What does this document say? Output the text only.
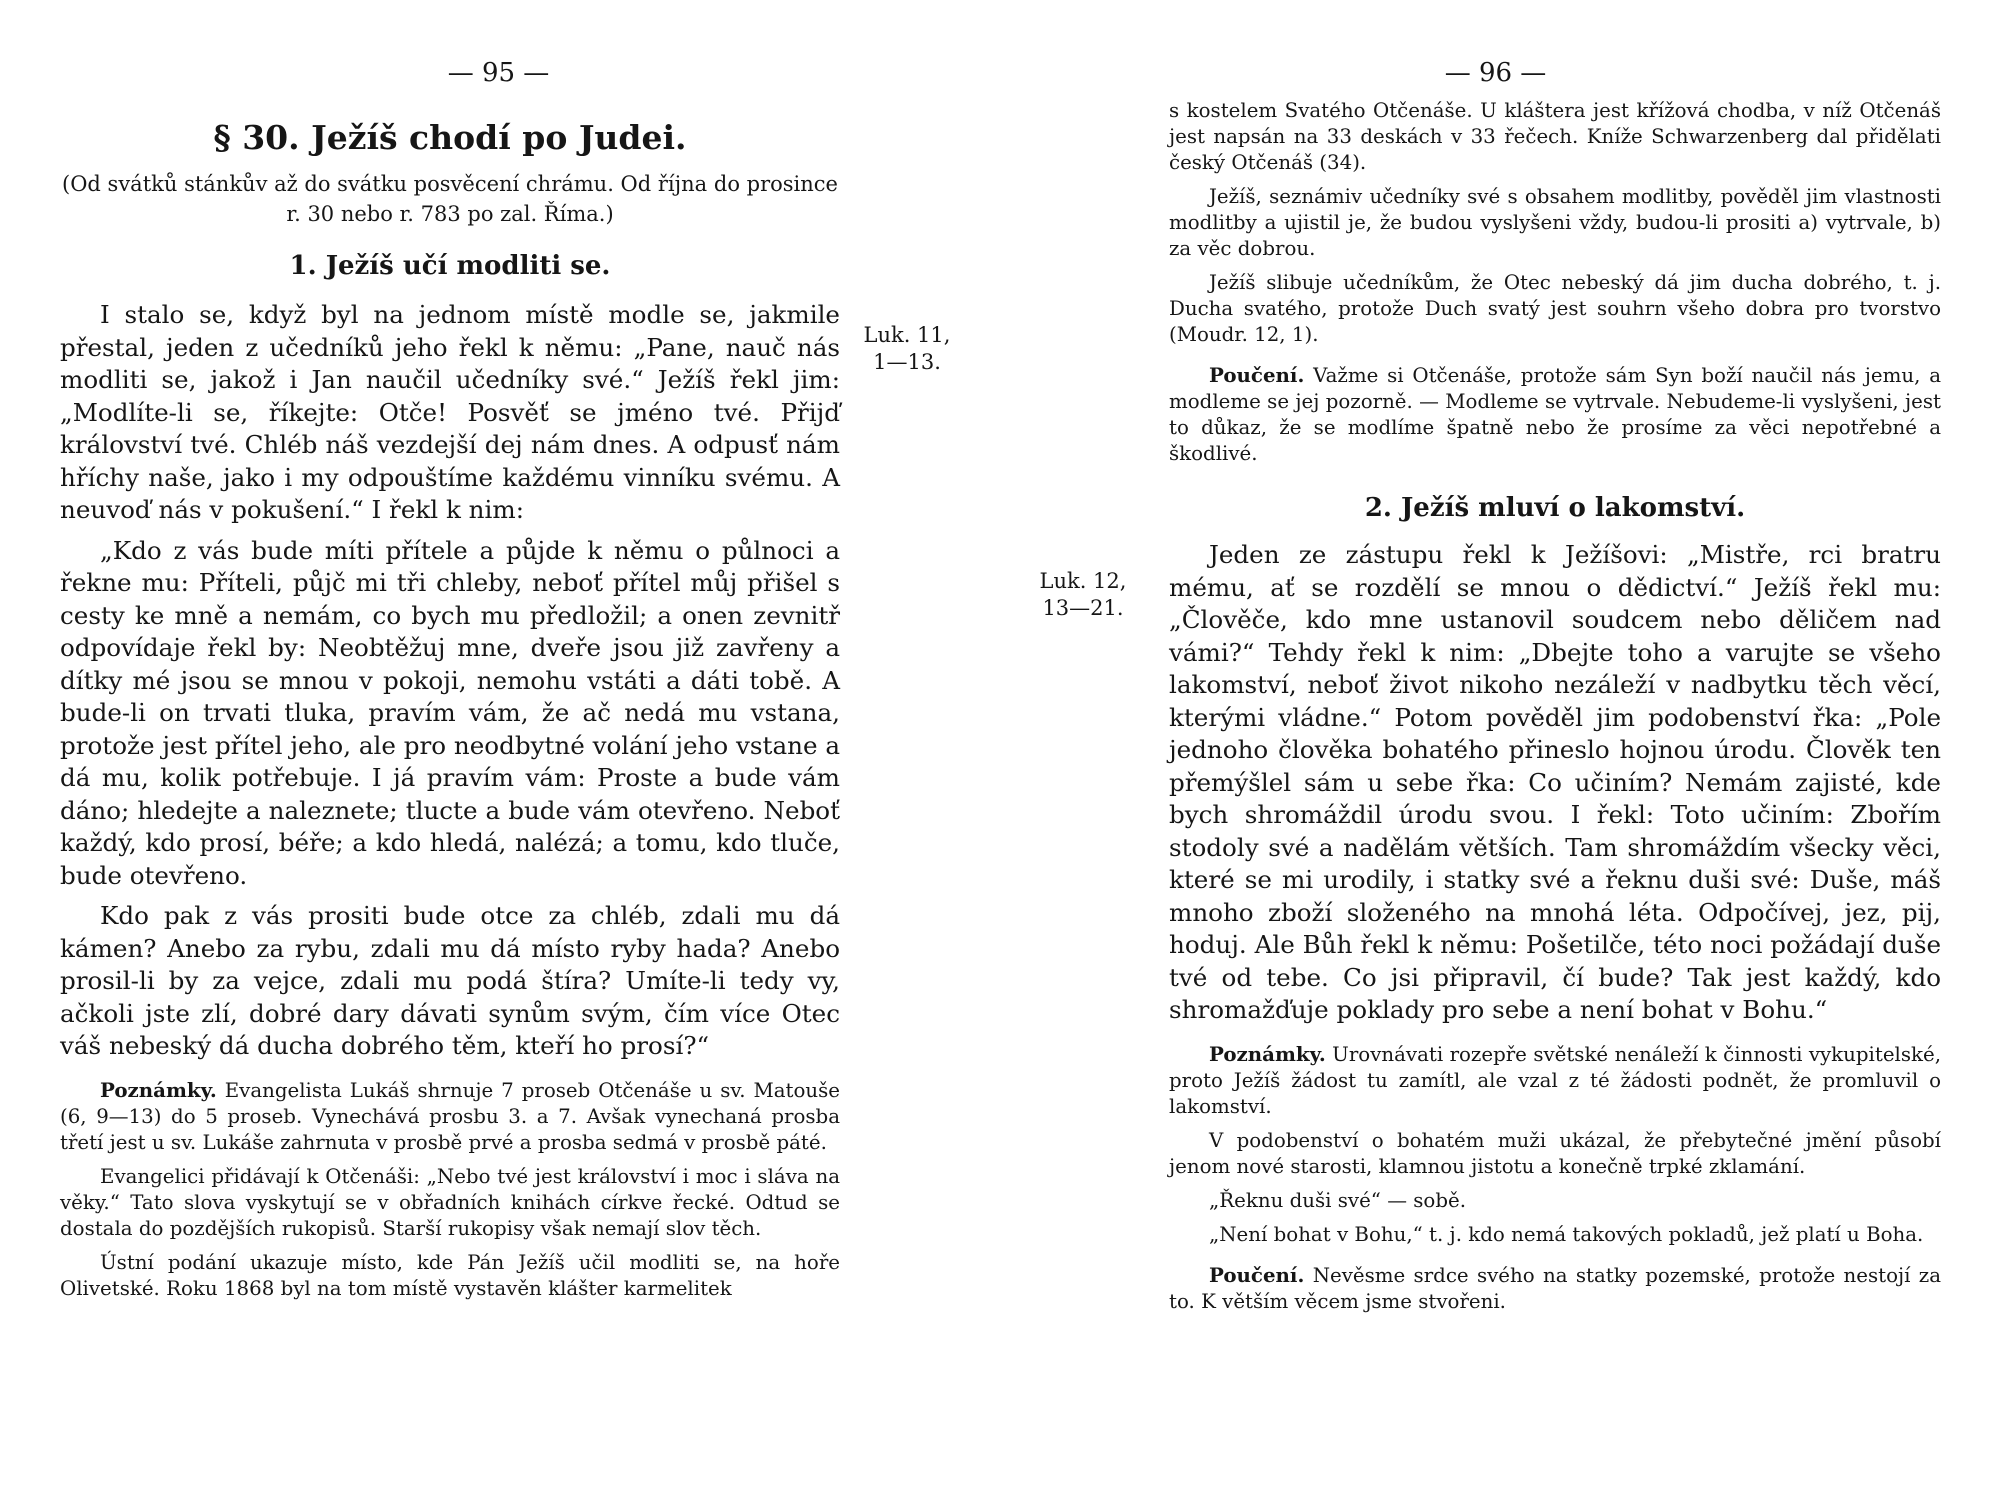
— 95 —

§ 30. Ježíš chodí po Judei.

(Od svátků stánkův až do svátku posvěcení chrámu. Od října do prosince r. 30 nebo r. 783 po zal. Říma.)

1. Ježíš učí modliti se.

I stalo se, když byl na jednom místě modle se, jakmile přestal, jeden z učedníků jeho řekl k němu: „Pane, nauč nás modliti se, jakož i Jan naučil učedníky své.“ Ježíš řekl jim: „Modlíte-li se, říkejte: Otče! Posvěť se jméno tvé. Přijď království tvé. Chléb náš vezdejší dej nám dnes. A odpusť nám hříchy naše, jako i my odpouštíme každému vinníku svému. A neuvoď nás v pokušení.“ I řekl k nim:

„Kdo z vás bude míti přítele a půjde k němu o půlnoci a řekne mu: Příteli, půjč mi tři chleby, neboť přítel můj přišel s cesty ke mně a nemám, co bych mu předložil; a onen zevnitř odpovídaje řekl by: Neobtěžuj mne, dveře jsou již zavřeny a dítky mé jsou se mnou v pokoji, nemohu vstáti a dáti tobě. A bude-li on trvati tluka, pravím vám, že ač nedá mu vstana, protože jest přítel jeho, ale pro neodbytné volání jeho vstane a dá mu, kolik potřebuje. I já pravím vám: Proste a bude vám dáno; hledejte a naleznete; tlucte a bude vám otevřeno. Neboť každý, kdo prosí, béře; a kdo hledá, nalézá; a tomu, kdo tluče, bude otevřeno.

Kdo pak z vás prositi bude otce za chléb, zdali mu dá kámen? Anebo za rybu, zdali mu dá místo ryby hada? Anebo prosil-li by za vejce, zdali mu podá štíra? Umíte-li tedy vy, ačkoli jste zlí, dobré dary dávati synům svým, čím více Otec váš nebeský dá ducha dobrého těm, kteří ho prosí?“

Poznámky. Evangelista Lukáš shrnuje 7 proseb Otčenáše u sv. Matouše (6, 9—13) do 5 proseb. Vynechává prosbu 3. a 7. Avšak vynechaná prosba třetí jest u sv. Lukáše zahrnuta v prosbě prvé a prosba sedmá v prosbě páté.

Evangelici přidávají k Otčenáši: „Nebo tvé jest království i moc i sláva na věky.“ Tato slova vyskytují se v obřadních knihách církve řecké. Odtud se dostala do pozdějších rukopisů. Starší rukopisy však nemají slov těch.

Ústní podání ukazuje místo, kde Pán Ježíš učil modliti se, na hoře Olivetské. Roku 1868 byl na tom místě vystavěn klášter karmelitek

Luk. 11,
1—13.

— 96 —

s kostelem Svatého Otčenáše. U kláštera jest křížová chodba, v níž Otčenáš jest napsán na 33 deskách v 33 řečech. Kníže Schwarzenberg dal přidělati český Otčenáš (34).

Ježíš, seznámiv učedníky své s obsahem modlitby, pověděl jim vlastnosti modlitby a ujistil je, že budou vyslyšeni vždy, budou-li prositi a) vytrvale, b) za věc dobrou.

Ježíš slibuje učedníkům, že Otec nebeský dá jim ducha dobrého, t. j. Ducha svatého, protože Duch svatý jest souhrn všeho dobra pro tvorstvo (Moudr. 12, 1).

Poučení. Važme si Otčenáše, protože sám Syn boží naučil nás jemu, a modleme se jej pozorně. — Modleme se vytrvale. Nebudeme-li vyslyšeni, jest to důkaz, že se modlíme špatně nebo že prosíme za věci nepotřebné a škodlivé.

2. Ježíš mluví o lakomství.

Jeden ze zástupu řekl k Ježíšovi: „Mistře, rci bratru mému, ať se rozdělí se mnou o dědictví.“ Ježíš řekl mu: „Člověče, kdo mne ustanovil soudcem nebo děličem nad vámi?“ Tehdy řekl k nim: „Dbejte toho a varujte se všeho lakomství, neboť život nikoho nezáleží v nadbytku těch věcí, kterými vládne.“ Potom pověděl jim podobenství řka: „Pole jednoho člověka bohatého přineslo hojnou úrodu. Člověk ten přemýšlel sám u sebe řka: Co učiním? Nemám zajisté, kde bych shromáždil úrodu svou. I řekl: Toto učiním: Zbořím stodoly své a nadělám větších. Tam shromáždím všecky věci, které se mi urodily, i statky své a řeknu duši své: Duše, máš mnoho zboží složeného na mnohá léta. Odpočívej, jez, pij, hoduj. Ale Bůh řekl k němu: Pošetilče, této noci požádají duše tvé od tebe. Co jsi připravil, čí bude? Tak jest každý, kdo shromažďuje poklady pro sebe a není bohat v Bohu.“

Poznámky. Urovnávati rozepře světské nenáleží k činnosti vykupitelské, proto Ježíš žádost tu zamítl, ale vzal z té žádosti podnět, že promluvil o lakomství.

V podobenství o bohatém muži ukázal, že přebytečné jmění působí jenom nové starosti, klamnou jistotu a konečně trpké zklamání.

„Řeknu duši své“ — sobě.

„Není bohat v Bohu,“ t. j. kdo nemá takových pokladů, jež platí u Boha.

Poučení. Nevěsme srdce svého na statky pozemské, protože nestojí za to. K větším věcem jsme stvořeni.

Luk. 12,
13—21.
